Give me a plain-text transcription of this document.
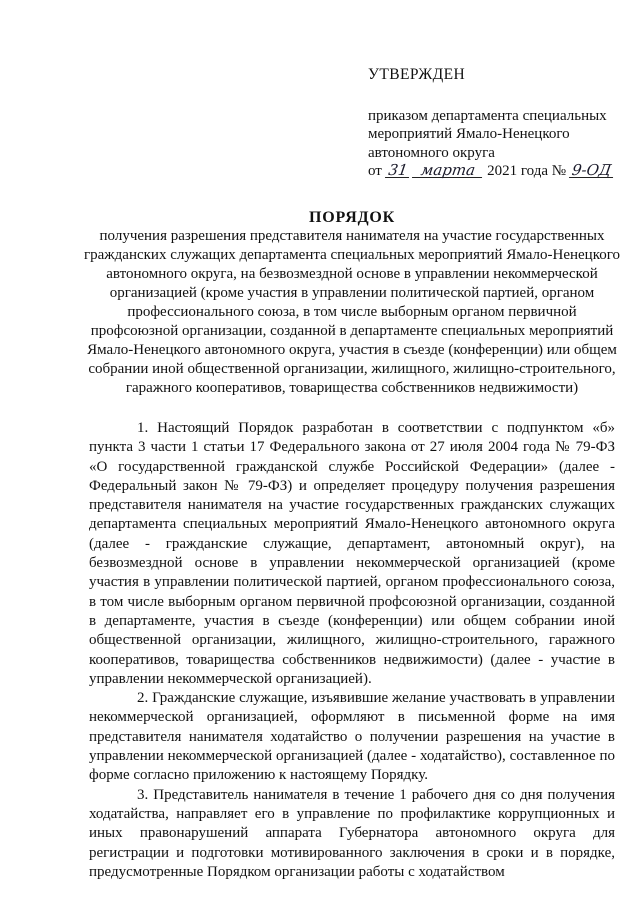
УТВЕРЖДЕН
приказом департамента специальных
мероприятий Ямало-Ненецкого
автономного округа
от 31 марта 2021 года № 9-ОД
ПОРЯДОК
получения разрешения представителя нанимателя на участие государственных гражданских служащих департамента специальных мероприятий Ямало-Ненецкого автономного округа, на безвозмездной основе в управлении некоммерческой организацией (кроме участия в управлении политической партией, органом профессионального союза, в том числе выборным органом первичной профсоюзной организации, созданной в департаменте специальных мероприятий Ямало-Ненецкого автономного округа, участия в съезде (конференции) или общем собрании иной общественной организации, жилищного, жилищно-строительного, гаражного кооперативов, товарищества собственников недвижимости)

1. Настоящий Порядок разработан в соответствии с подпунктом «б» пункта 3 части 1 статьи 17 Федерального закона от 27 июля 2004 года № 79-ФЗ «О государственной гражданской службе Российской Федерации» (далее - Федеральный закон № 79-ФЗ) и определяет процедуру получения разрешения представителя нанимателя на участие государственных гражданских служащих департамента специальных мероприятий Ямало-Ненецкого автономного округа (далее - гражданские служащие, департамент, автономный округ), на безвозмездной основе в управлении некоммерческой организацией (кроме участия в управлении политической партией, органом профессионального союза, в том числе выборным органом первичной профсоюзной организации, созданной в департаменте, участия в съезде (конференции) или общем собрании иной общественной организации, жилищного, жилищно-строительного, гаражного кооперативов, товарищества собственников недвижимости) (далее - участие в управлении некоммерческой организацией).

2. Гражданские служащие, изъявившие желание участвовать в управлении некоммерческой организацией, оформляют в письменной форме на имя представителя нанимателя ходатайство о получении разрешения на участие в управлении некоммерческой организацией (далее - ходатайство), составленное по форме согласно приложению к настоящему Порядку.

3. Представитель нанимателя в течение 1 рабочего дня со дня получения ходатайства, направляет его в управление по профилактике коррупционных и иных правонарушений аппарата Губернатора автономного округа для регистрации и подготовки мотивированного заключения в сроки и в порядке, предусмотренные Порядком организации работы с ходатайством
